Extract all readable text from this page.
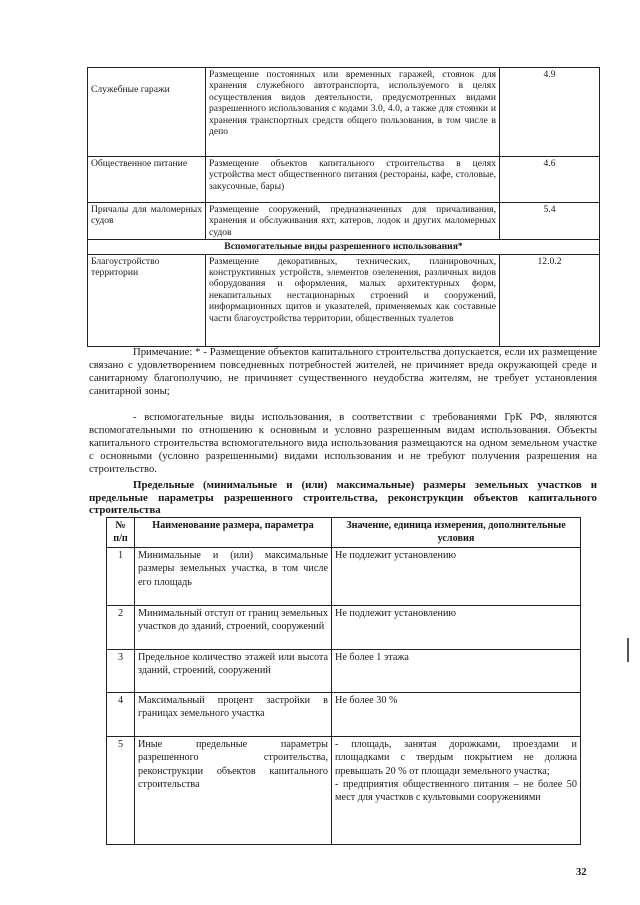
Служебные гаражи	Размещение постоянных или временных гаражей, стоянок для хранения служебного автотранспорта, используемого в целях осуществления видов деятельности, предусмотренных видами разрешенного использования с кодами 3.0, 4.0, а также для стоянки и хранения транспортных средств общего пользования, в том числе в депо	4.9
Общественное питание	Размещение объектов капитального строительства в целях устройства мест общественного питания (рестораны, кафе, столовые, закусочные, бары)	4.6
Причалы для маломерных судов	Размещение сооружений, предназначенных для причаливания, хранения и обслуживания яхт, катеров, лодок и других маломерных судов	5.4
Вспомогательные виды разрешенного использования*		
Благоустройство территории	Размещение декоративных, технических, планировочных, конструктивных устройств, элементов озеленения, различных видов оборудования и оформления, малых архитектурных форм, некапитальных нестационарных строений и сооружений, информационных щитов и указателей, применяемых как составные части благоустройства территории, общественных туалетов	12.0.2
Примечание: * - Размещение объектов капитального строительства допускается, если их размещение связано с удовлетворением повседневных потребностей жителей, не причиняет вреда окружающей среде и санитарному благополучию, не причиняет существенного неудобства жителям, не требует установления санитарной зоны;
- вспомогательные виды использования, в соответствии с требованиями ГрК РФ, являются вспомогательными по отношению к основным и условно разрешенным видам использования. Объекты капитального строительства вспомогательного вида использования размещаются на одном земельном участке с основными (условно разрешенными) видами использования и не требуют получения разрешения на строительство.
Предельные (минимальные и (или) максимальные) размеры земельных участков и предельные параметры разрешенного строительства, реконструкции объектов капитального строительства
№ п/п	Наименование размера, параметра	Значение, единица измерения, дополнительные условия
1	Минимальные и (или) максимальные размеры земельных участка, в том числе его площадь	Не подлежит установлению
2	Минимальный отступ от границ земельных участков до зданий, строений, сооружений	Не подлежит установлению
3	Предельное количество этажей или высота зданий, строений, сооружений	Не более 1 этажа
4	Максимальный процент застройки в границах земельного участка	Не более 30 %
5	Иные предельные параметры разрешенного строительства, реконструкции объектов капитального строительства	- площадь, занятая дорожками, проездами и площадками с твердым покрытием не должна превышать 20 % от площади земельного участка;
- предприятия общественного питания – не более 50 мест для участков с культовыми сооружениями
32
